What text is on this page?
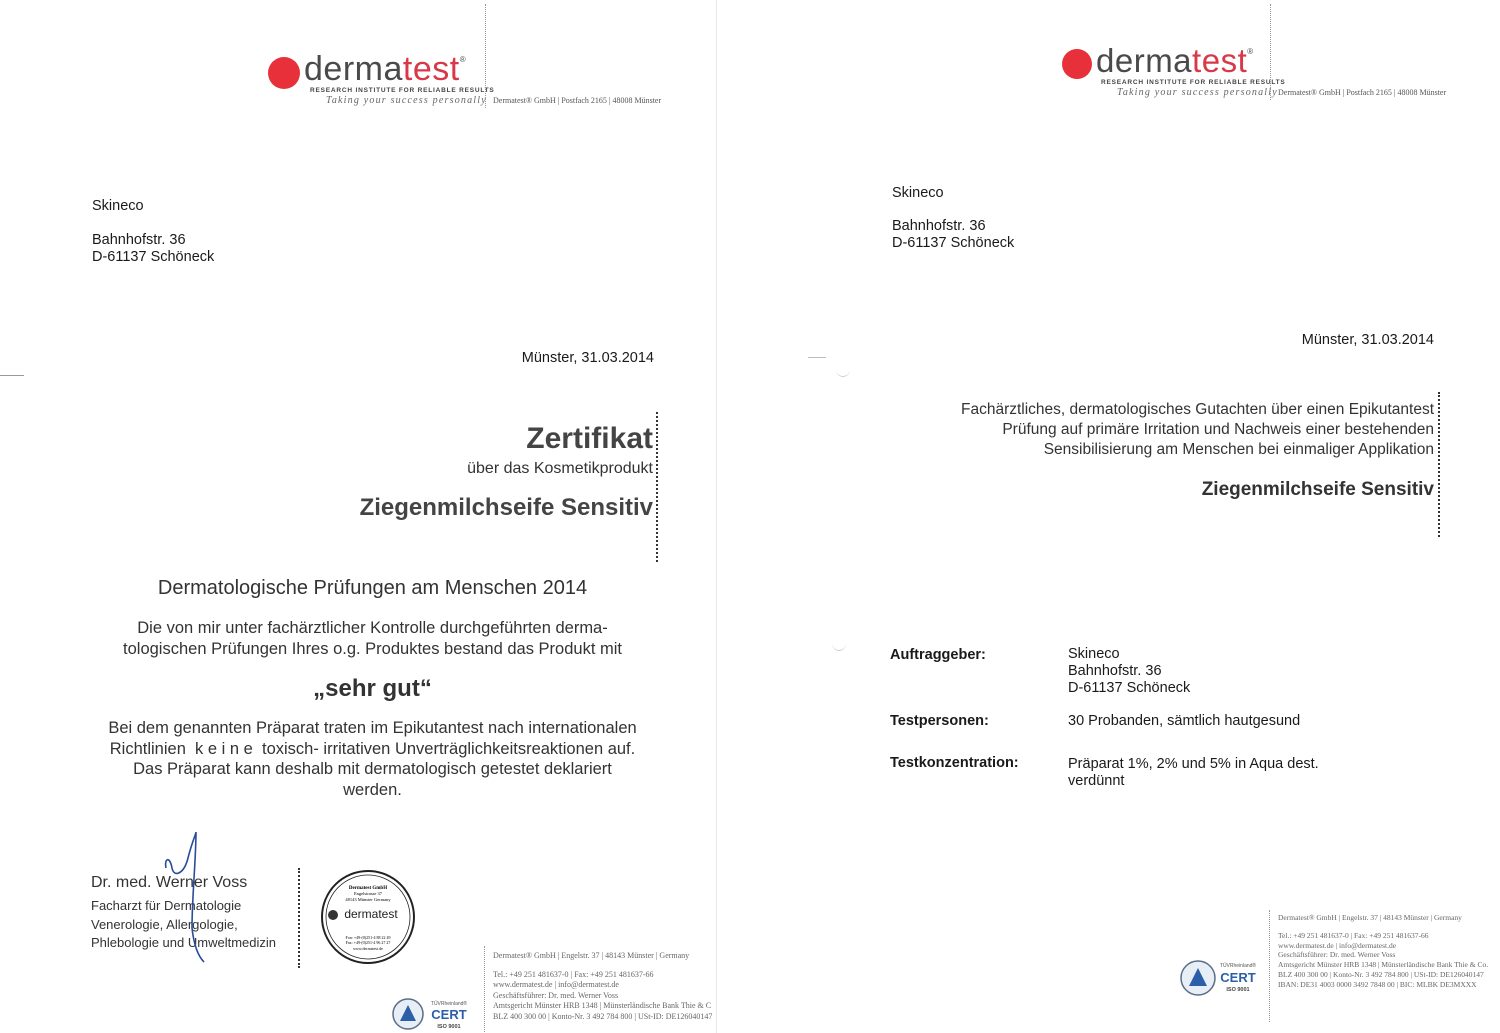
dermatest®
RESEARCH INSTITUTE FOR RELIABLE RESULTS
Taking your success personally Dermatest® GmbH | Postfach 2165 | 48008 Münster
Skineco
Bahnhofstr. 36
D-61137 Schöneck
Münster, 31.03.2014
Zertifikat
über das Kosmetikprodukt
Ziegenmilchseife Sensitiv
Dermatologische Prüfungen am Menschen 2014
Die von mir unter fachärztlicher Kontrolle durchgeführten derma-
tologischen Prüfungen Ihres o.g. Produktes bestand das Produkt mit
„sehr gut“
Bei dem genannten Präparat traten im Epikutantest nach internationalen
Richtlinien  k e i n e  toxisch- irritativen Unverträglichkeitsreaktionen auf.
Das Präparat kann deshalb mit dermatologisch getestet deklariert
werden.
Dr. med. Werner Voss
Facharzt für Dermatologie
Venerologie, Allergologie,
Phlebologie und Umweltmedizin
Dermatest GmbH
Engelstrasse 37
48143 Münster Germany
dermatest
Fon: +49-(0)251-4 88 22 49
Fax: +49-(0)251-4 96 27 27
www.dermatest.de
Dermatest® GmbH | Engelstr. 37 | 48143 Münster | Germany
Tel.: +49 251 481637-0 | Fax: +49 251 481637-66
www.dermatest.de | info@dermatest.de
Geschäftsführer: Dr. med. Werner Voss
Amtsgericht Münster HRB 1348 | Münsterländische Bank Thie & C
BLZ 400 300 00 | Konto-Nr. 3 492 784 800 | USt-ID: DE126040147
TÜVRheinland®
CERT
ISO 9001
dermatest®
RESEARCH INSTITUTE FOR RELIABLE RESULTS
Taking your success personally Dermatest® GmbH | Postfach 2165 | 48008 Münster
Skineco
Bahnhofstr. 36
D-61137 Schöneck
Münster, 31.03.2014
Fachärztliches, dermatologisches Gutachten über einen Epikutantest
Prüfung auf primäre Irritation und Nachweis einer bestehenden
Sensibilisierung am Menschen bei einmaliger Applikation
Ziegenmilchseife Sensitiv
Auftraggeber:	Skineco
Bahnhofstr. 36
D-61137 Schöneck
Testpersonen:	30 Probanden, sämtlich hautgesund
Testkonzentration:	Präparat 1%, 2% und 5% in Aqua dest.
verdünnt
Dermatest® GmbH | Engelstr. 37 | 48143 Münster | Germany
Tel.: +49 251 481637-0 | Fax: +49 251 481637-66
www.dermatest.de | info@dermatest.de
Geschäftsführer: Dr. med. Werner Voss
Amtsgericht Münster HRB 1348 | Münsterländische Bank Thie & Co.
BLZ 400 300 00 | Konto-Nr. 3 492 784 800 | USt-ID: DE126040147
IBAN: DE31 4003 0000 3492 7848 00 | BIC: MLBK DE3MXXX
TÜVRheinland®
CERT
ISO 9001
